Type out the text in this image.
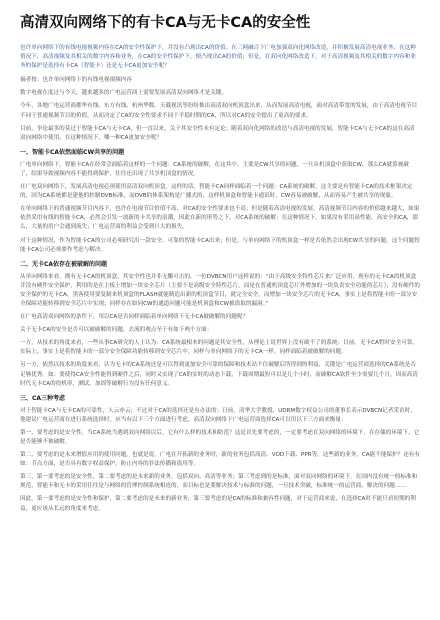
高清双向网络下的有卡CA与无卡CA的安全性

也许单向网络下的有线电视视频内容在CA的安全性保护下，并没有凸现出CA的价值；在三网融合下广电加强双向化网络改造，并积极发展高清电视业务；在这种情况下，高清视频及其相关的数字内容和业务，在CA的安全性保护下，便凸现出CA的价值；但是，在双向化网络改造下，对于高清视频及其相关的数字内容和业务的保护是选择有卡CA（智能卡）还是无卡CA更加安全呢？

摘者按：也许单向网络下的有线电视视频内容

数字电视在度过与今天，越来越多的广电运营商上需要发展高清双向网络才是关键。

今年，各地广电运营商都华有线、东方有线、杭州华数、天截视讯等纷纷推出高清双向机顶盒出来，从而发展高清电视，面对高清带宽的发展，由于高清电视节目不同于普通视频节目的价值，从而决定了CA的安全性要求不同于平稳时期的CA，所以对CA的安全提出了更高的要求。

目前，争论最多的莫过于智能卡CA与无卡CA，但一直以来，关于其安全性未有定论；随着双向化网络的改造与高清电视的发展，智能卡CA与无卡CA的这在高清双向网络中使用，在这种情况下，哪一种CA更加安全呢？

一、智能卡CA依然面临CW共享的问题

广电单向网络下，智能卡CA在经常会面临着这样的一个问题：CA系统的破解，在这其中，主要是CW共享的问题，一旦从机顶盒中获取CW，那么CA就算被破了，结果导致视频内容不能得到保护，往往还出现了共享机顶盒的情况。

在广电双向网络下，发展高清电视必须使用高清双向机顶盒，这样的话，智能卡CA同样面临着一个问题：CA系统的破解，这主要是有智能卡CA的技术框架决定的，因为CA系统都是建他的控制DVB标准，而DVB的体系架构是广播式的，这样机顶盒和智能卡通讯时，CW容易被破解，从而容易产生被共享的现象。

在单向网络下的普通视频节目内容下，也许在电视节目价值不高，对CA的安全性要求也不高；但是随着高清电视的发展，高清视频节目内容的价值越来越大，如果依然采用有线的智能卡CA，必然会引发一波新的卡共享的浪潮，因此在新的形势之下，对CA系统的破解；在这种情况下，如果没有采用高性能、高安全的CA，那么，大量的用户会通到流失；广电运营商的利益会受到巨大的损失。

对于这种情况，作为智能卡CA的公司必须研究出一款安全、可靠的智能卡CA出来；但是，与单向网络下的机顶盒一样是否依然会出现CW共享的问题，这个问题智能卡CA公司必须要作考虑与解决。

二、无卡CA依存在被破解的问题

从单向网络来看，拥有无卡CA的机顶盒，其安全性也并非无懈可击的，一位DVBCN用户这样说的：“由于高级安全特性芯片来广泛应用，现有的无卡CA的机顶盒并没有硬件安全保护，利用的是在主板上增加一块安全芯片（主要不是高级安全特性芯片，而是在普通机顶盒芯片外增加的一块负责安全功能的芯片）；没有硬件的安全保护的无卡CA，黑客使用要复制来机顶盒的FLASH就能制造出新的机顶盒节目，就完全安全，而增加一块安全芯片的无卡CA，事实上是将智能卡的一部分安全保障功能转移到安全芯片中实现；同样存在如同CW的通道问题可能是机顶盒和CW被盗取的漏洞。”

在广电高清双向网络的条件下，用以CA是否同样面临着单向网络下无卡CA被破解的问题呢？

关于无卡CA的安全是否可以被破解的问题，去流的观点至于有如下两个方面：

一方，从技术的角度来看，一些从事CA研究的人士认为：CA系统最根本的问题是其安全性，从理论上说世界上没有破不了的系统；目前，无卡CA暂时安全可靠，实际上，事实上是将智能卡的一部分安全保障功能转移到安全芯片中，同样与单向网络下的无卡CA一样，同样面临着被破解的问题。

另一方，依然以技术的角度来看，认为无卡的CA系统还是可以得到更加安全可靠的保障和技术站不住破解后所得到的利益，关键是广电运营商选择的CA系统是否足够优秀。如：要使得CA安全性能得到硬件之后，同时又实现了CA的实时的动态下载，下载周期最短可以是几个小时，而破解CA软件至少需要几个月，因而高清时代无卡CA的投机率，测试，加固等破解行为没有任何意义。

三、CA三种考虑

对于智能卡CA与无卡CA的可靠性，人云亦云；不过对于CA的选择还是有办法的；日前，清华大学教授、UDRM数字权益公司的董事长表示DVBCN记者采访时，他建议广电运营商在进行系统选择时，应当有以下三个方面进行考虑，高清双向网络下广电运营商选择CA可以用以下三方面来衡量：

第一，要考虑的是安全性，当CA系统当遇到双向网络以后，它有什么样的技术和防范？这是首先要考虑的，一定要考虑在双向网络的环境下，在存储的环境下，它是否能够不被破解。

第二，要考虑的是未来增值应用的使用问题，也就是说，广电在开拓新的业务时，新的业务包括高清、VOD下载、PPR等，这些新的业务，CA能不能保护？还有有如：节点方面，是否具有数字权益保护，防止内容的非法传播和盗用等。

第三，第一要考虑的是安全性，第二要考虑的是未来新的业务，包括双向、高清等业务；第三考虑到的是标准，面对双向网络的环境下，在国内没有统一的标准和规范，智能卡和无卡的采用往往是与网络的管理控制系统相连的，而目标也是要解决技术与标准的问题，一旦技术突破，标准统一的运营商，解决的问题……

因此，第一要考虑的是安全性和保护，第二要考虑的是未来的新业务，第三要考虑的是CA的标准和兼容性问题，对于运营商来说，在选择CA时不能只看短期的利益，更应该从长远的角度来考虑。
